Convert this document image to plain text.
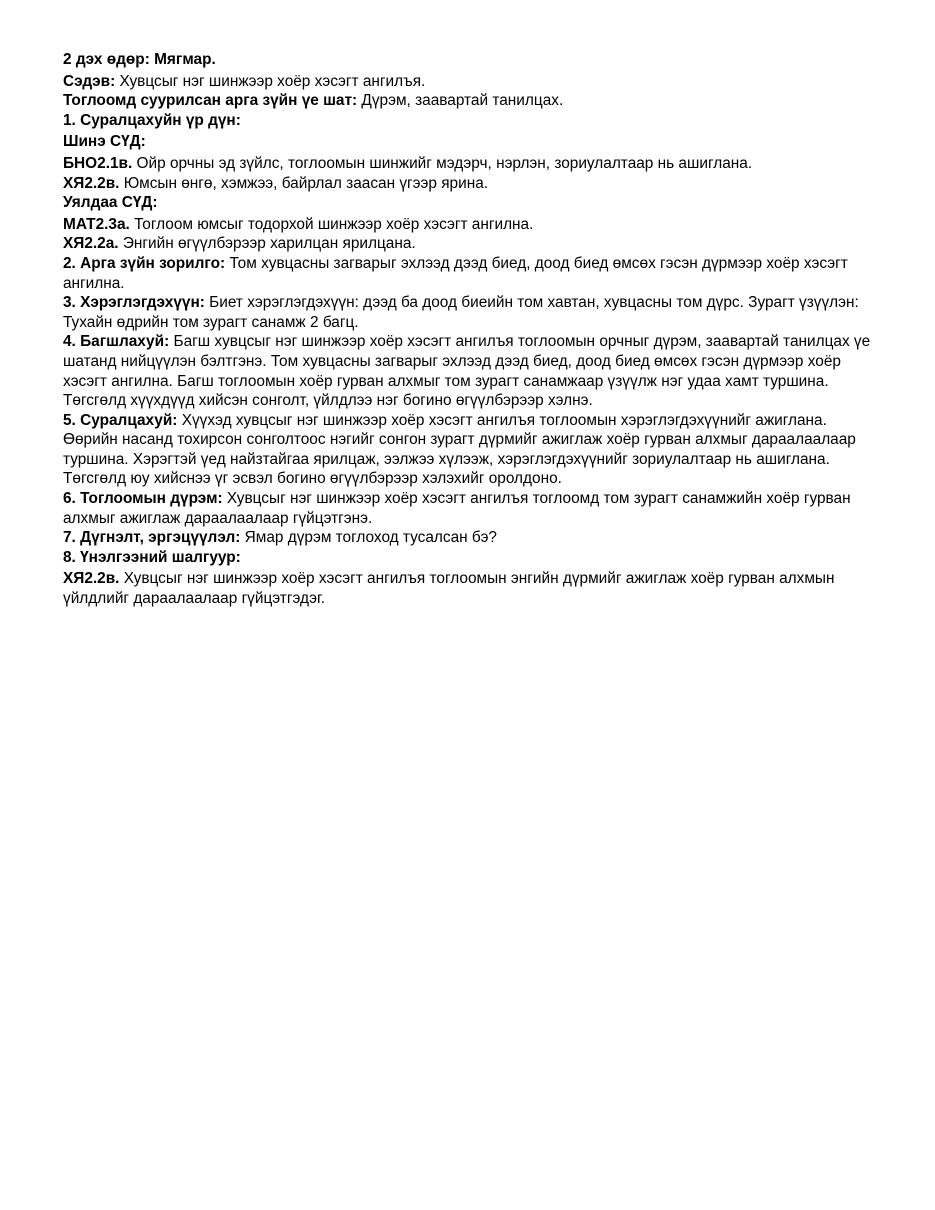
2 дэх өдөр: Мягмар.

Сэдэв: Хувцсыг нэг шинжээр хоёр хэсэгт ангилъя.

Тоглоомд суурилсан арга зүйн үе шат: Дүрэм, заавартай танилцах.

1. Суралцахуйн үр дүн:

Шинэ СҮД:

БНО2.1в. Ойр орчны эд зүйлс, тоглоомын шинжийг мэдэрч, нэрлэн, зориулалтаар нь ашиглана.

ХЯ2.2в. Юмсын өнгө, хэмжээ, байрлал заасан үгээр ярина.

Уялдаа СҮД:

МАТ2.3а. Тоглоом юмсыг тодорхой шинжээр хоёр хэсэгт ангилна.

ХЯ2.2а. Энгийн өгүүлбэрээр харилцан ярилцана.

2. Арга зүйн зорилго: Том хувцасны загварыг эхлээд дээд биед, доод биед өмсөх гэсэн дүрмээр хоёр хэсэгт ангилна.

3. Хэрэглэгдэхүүн: Биет хэрэглэгдэхүүн: дээд ба доод биеийн том хавтан, хувцасны том дүрс. Зурагт үзүүлэн: Тухайн өдрийн том зурагт санамж 2 багц.

4. Багшлахуй: Багш хувцсыг нэг шинжээр хоёр хэсэгт ангилъя тоглоомын орчныг дүрэм, заавартай танилцах үе шатанд нийцүүлэн бэлтгэнэ. Том хувцасны загварыг эхлээд дээд биед, доод биед өмсөх гэсэн дүрмээр хоёр хэсэгт ангилна. Багш тоглоомын хоёр гурван алхмыг том зурагт санамжаар үзүүлж нэг удаа хамт туршина. Төгсгөлд хүүхдүүд хийсэн сонголт, үйлдлээ нэг богино өгүүлбэрээр хэлнэ.

5. Суралцахуй: Хүүхэд хувцсыг нэг шинжээр хоёр хэсэгт ангилъя тоглоомын хэрэглэгдэхүүнийг ажиглана. Өөрийн насанд тохирсон сонголтоос нэгийг сонгон зурагт дүрмийг ажиглаж хоёр гурван алхмыг дараалаалаар туршина. Хэрэгтэй үед найзтайгаа ярилцаж, ээлжээ хүлээж, хэрэглэгдэхүүнийг зориулалтаар нь ашиглана. Төгсгөлд юу хийснээ үг эсвэл богино өгүүлбэрээр хэлэхийг оролдоно.

6. Тоглоомын дүрэм: Хувцсыг нэг шинжээр хоёр хэсэгт ангилъя тоглоомд том зурагт санамжийн хоёр гурван алхмыг ажиглаж дараалаалаар гүйцэтгэнэ.

7. Дүгнэлт, эргэцүүлэл: Ямар дүрэм тоглоход тусалсан бэ?

8. Үнэлгээний шалгуур:

ХЯ2.2в. Хувцсыг нэг шинжээр хоёр хэсэгт ангилъя тоглоомын энгийн дүрмийг ажиглаж хоёр гурван алхмын үйлдлийг дараалаалаар гүйцэтгэдэг.
